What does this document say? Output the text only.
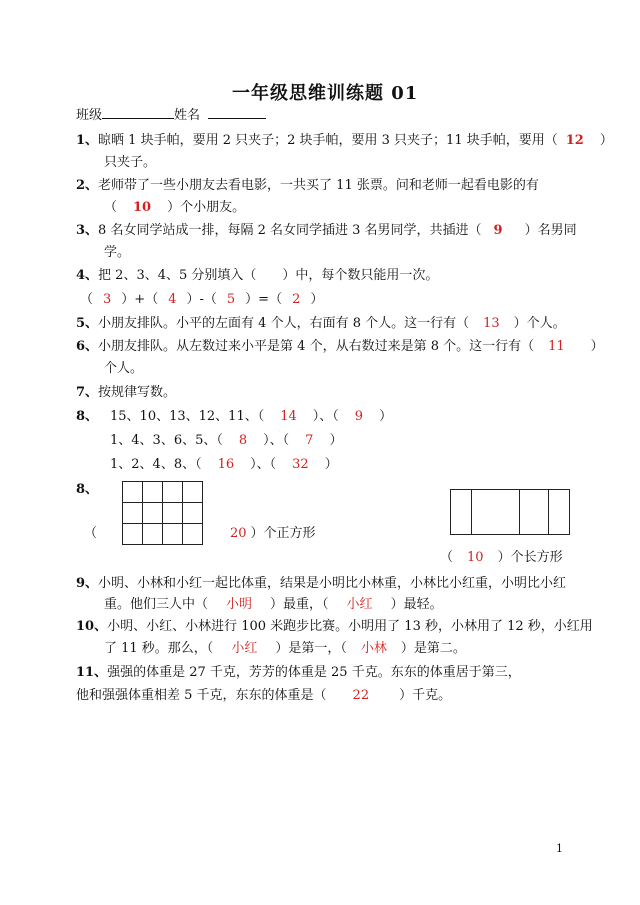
一年级思维训练题 01
班级	姓名
1、晾晒 1 块手帕，要用 2 只夹子；2 块手帕，要用 3 只夹子；11 块手帕，要用（ 12 ）
只夹子。
2、老师带了一些小朋友去看电影，一共买了 11 张票。问和老师一起看电影的有
（ 10 ）个小朋友。
3、8 名女同学站成一排，每隔 2 名女同学插进 3 名男同学，共插进（ 9 ）名男同
学。
4、把 2、3、4、5 分别填入（　　）中，每个数只能用一次。
（ 3 ）+（ 4 ）-（ 5 ）=（ 2 ）
5、小朋友排队。小平的左面有 4 个人，右面有 8 个人。这一行有（ 13 ）个人。
6、小朋友排队。从左数过来小平是第 4 个，从右数过来是第 8 个。这一行有（ 11 ）
个人。
7、按规律写数。
8、 15、10、13、12、11、（ 14 ）、（ 9 ）
1、4、3、6、5、（ 8 ）、（ 7 ）
1、2、4、8、（ 16 ）、（ 32 ）
8、

（	20 ）个正方形
（ 10 ）个长方形
9、小明、小林和小红一起比体重，结果是小明比小林重，小林比小红重，小明比小红
重。他们三人中（ 小明 ）最重，（ 小红 ）最轻。
10、小明、小红、小林进行 100 米跑步比赛。小明用了 13 秒，小林用了 12 秒，小红用
了 11 秒。那么，（ 小红 ）是第一，（ 小林 ）是第二。
11、强强的体重是 27 千克，芳芳的体重是 25 千克。东东的体重居于第三，
他和强强体重相差 5 千克，东东的体重是（ 22 ）千克。
1
